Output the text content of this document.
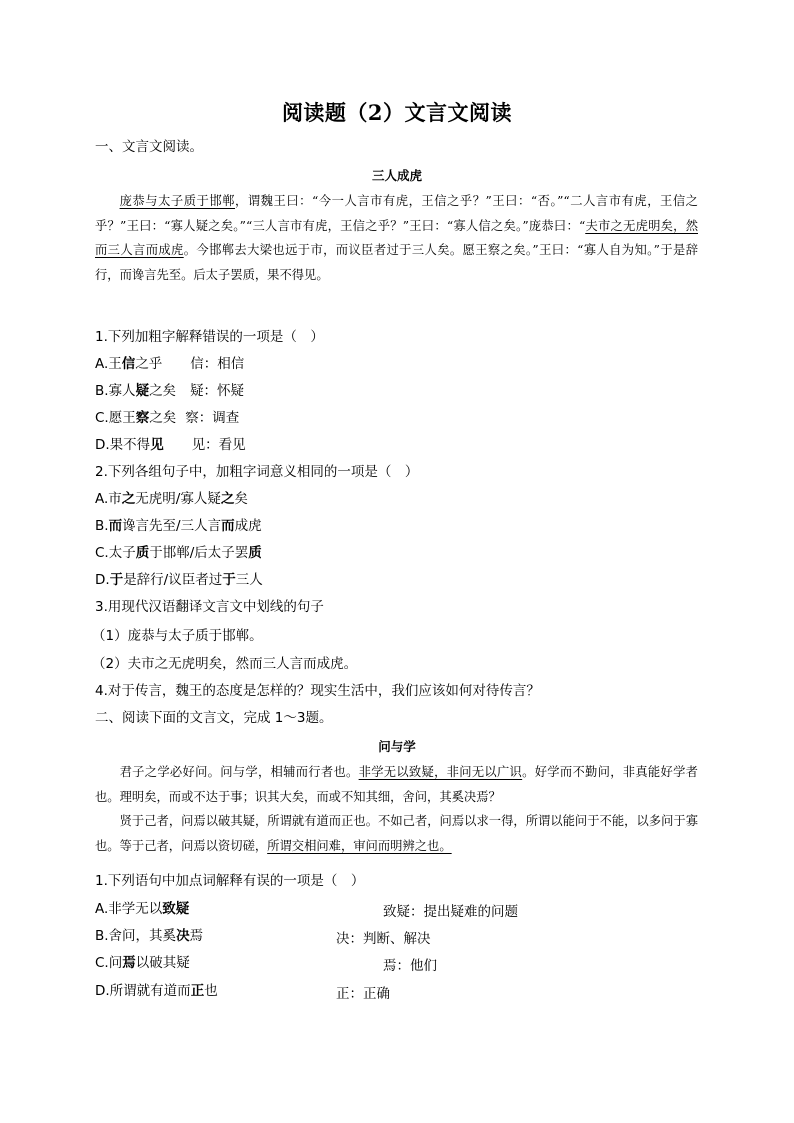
阅读题（2）文言文阅读
一、文言文阅读。
三人成虎

庞恭与太子质于邯郸，谓魏王曰：“今一人言市有虎，王信之乎？”王曰：“否。”“二人言市有虎，王信之乎？”王曰：“寡人疑之矣。”“三人言市有虎，王信之乎？”王曰：“寡人信之矣。”庞恭曰：“夫市之无虎明矣，然而三人言而成虎。今邯郸去大梁也远于市，而议臣者过于三人矣。愿王察之矣。”王曰：“寡人自为知。”于是辞行，而谗言先至。后太子罢质，果不得见。

1.下列加粗字解释错误的一项是（　）
A.王信之乎 信：相信
B.寡人疑之矣 疑：怀疑
C.愿王察之矣 察：调查
D.果不得见 见：看见
2.下列各组句子中，加粗字词意义相同的一项是（　）
A.市之无虎明/寡人疑之矣
B.而谗言先至/三人言而成虎
C.太子质于邯郸/后太子罢质
D.于是辞行/议臣者过于三人
3.用现代汉语翻译文言文中划线的句子
（1）庞恭与太子质于邯郸。
（2）夫市之无虎明矣，然而三人言而成虎。
4.对于传言，魏王的态度是怎样的？现实生活中，我们应该如何对待传言？
二、阅读下面的文言文，完成 1～3题。
问与学

君子之学必好问。问与学，相辅而行者也。非学无以致疑，非问无以广识。好学而不勤问，非真能好学者也。理明矣，而或不达于事；识其大矣，而或不知其细，舍问，其奚决焉？

贤于己者，问焉以破其疑，所谓就有道而正也。不如己者，问焉以求一得，所谓以能问于不能，以多问于寡也。等于己者，问焉以资切磋，所谓交相问难，审问而明辨之也。

1.下列语句中加点词解释有误的一项是（　）
A.非学无以致疑	致疑：提出疑难的问题
B.舍问，其奚决焉	决：判断、解决
C.问焉以破其疑	焉：他们
D.所谓就有道而正也	正：正确
